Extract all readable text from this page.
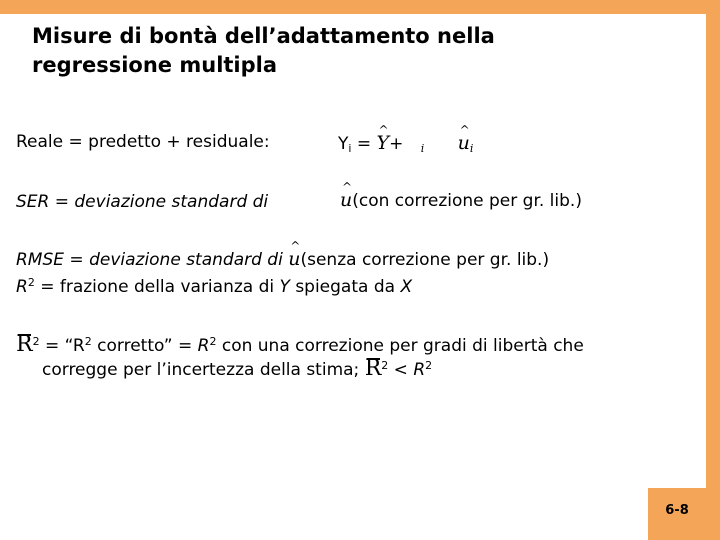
Misure di bontà dell’adattamento nella regressione multipla
Reale = predetto + residuale:	$Y_i$ = ^ Y+ $_i$ ^ $u_i$
SER = deviazione standard di	^ u(con correzione per gr. lib.)
RMSE = deviazione standard di ^ u(senza correzione per gr. lib.)
$R^2$ = frazione della varianza di Y spiegata da X
$R^2$ = “$R^2$ corretto” = $R^2$ con una correzione per gradi di libertà che
corregge per l’incertezza della stima; $R^2 < R^2$
6-8
